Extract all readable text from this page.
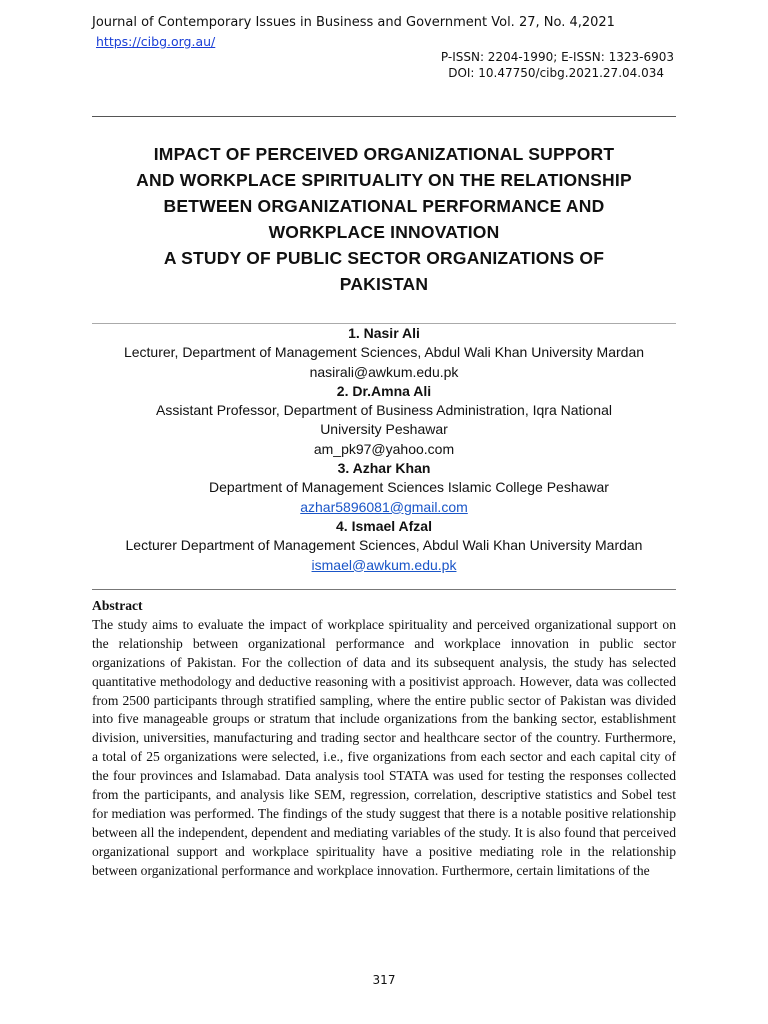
Journal of Contemporary Issues in Business and Government Vol. 27, No. 4,2021
https://cibg.org.au/
P-ISSN: 2204-1990; E-ISSN: 1323-6903
DOI: 10.47750/cibg.2021.27.04.034
IMPACT OF PERCEIVED ORGANIZATIONAL SUPPORT
AND WORKPLACE SPIRITUALITY ON THE RELATIONSHIP
BETWEEN ORGANIZATIONAL PERFORMANCE AND
WORKPLACE INNOVATION
A STUDY OF PUBLIC SECTOR ORGANIZATIONS OF
PAKISTAN
1. Nasir Ali
Lecturer, Department of Management Sciences, Abdul Wali Khan University Mardan
nasirali@awkum.edu.pk
2. Dr.Amna Ali
Assistant Professor, Department of Business Administration, Iqra National
University Peshawar
am_pk97@yahoo.com
3. Azhar Khan
Department of Management Sciences Islamic College Peshawar
azhar5896081@gmail.com
4. Ismael Afzal
Lecturer Department of Management Sciences, Abdul Wali Khan University Mardan
ismael@awkum.edu.pk
Abstract
The study aims to evaluate the impact of workplace spirituality and perceived organizational support on the relationship between organizational performance and workplace innovation in public sector organizations of Pakistan. For the collection of data and its subsequent analysis, the study has selected quantitative methodology and deductive reasoning with a positivist approach. However, data was collected from 2500 participants through stratified sampling, where the entire public sector of Pakistan was divided into five manageable groups or stratum that include organizations from the banking sector, establishment division, universities, manufacturing and trading sector and healthcare sector of the country. Furthermore, a total of 25 organizations were selected, i.e., five organizations from each sector and each capital city of the four provinces and Islamabad. Data analysis tool STATA was used for testing the responses collected from the participants, and analysis like SEM, regression, correlation, descriptive statistics and Sobel test for mediation was performed. The findings of the study suggest that there is a notable positive relationship between all the independent, dependent and mediating variables of the study. It is also found that perceived organizational support and workplace spirituality have a positive mediating role in the relationship between organizational performance and workplace innovation. Furthermore, certain limitations of the
317
